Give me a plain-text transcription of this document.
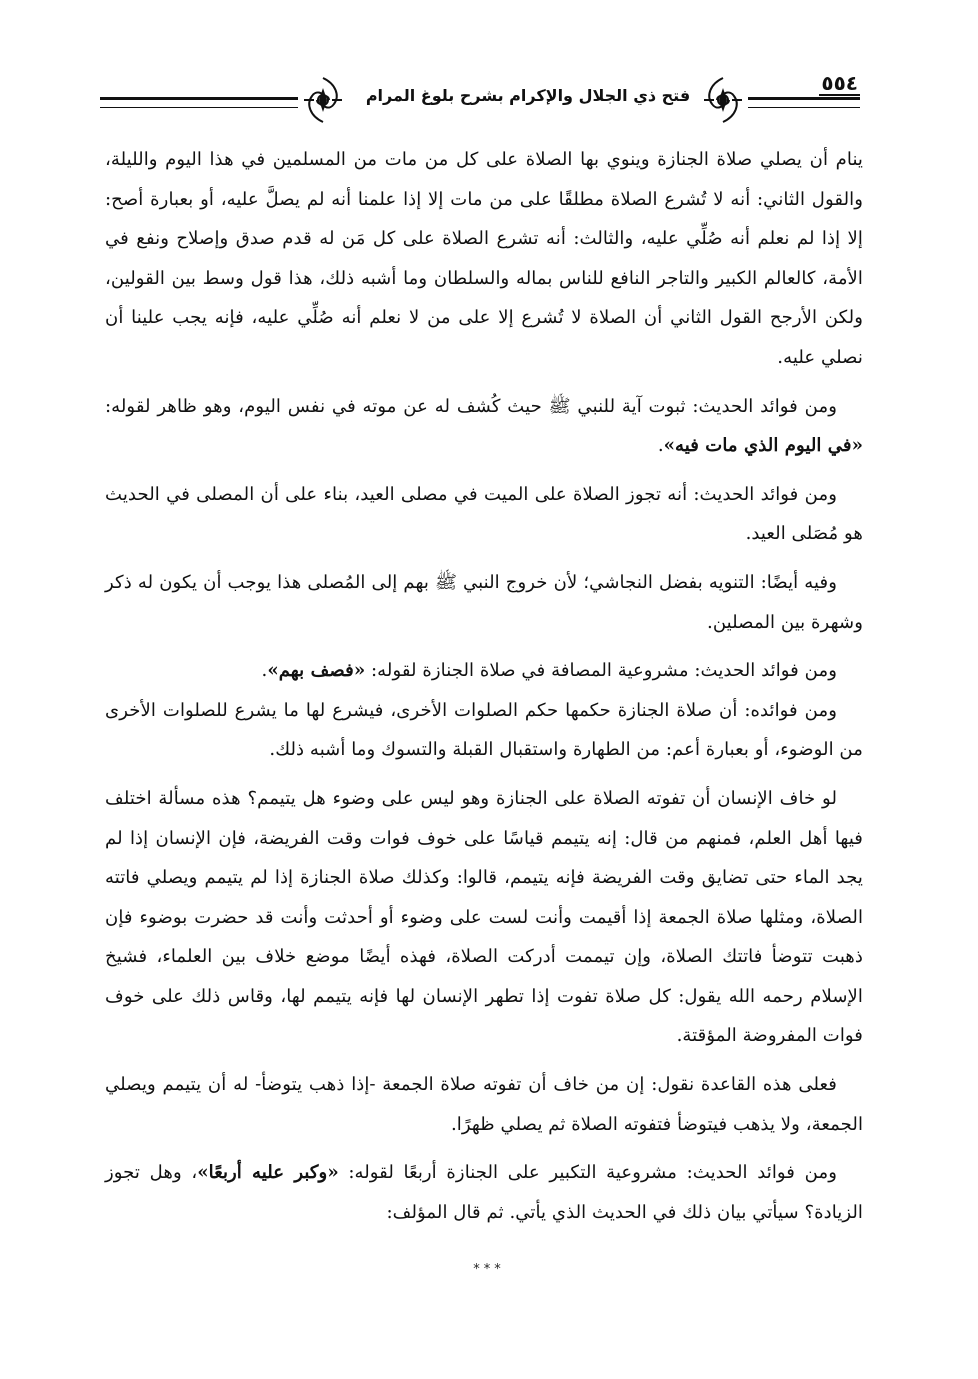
٥٥٤
فتح ذي الجلال والإكرام بشرح بلوغ المرام

ينام أن يصلي صلاة الجنازة وينوي بها الصلاة على كل من مات من المسلمين في هذا اليوم والليلة، والقول الثاني: أنه لا تُشرع الصلاة مطلقًا على من مات إلا إذا علمنا أنه لم يصلَّ عليه، أو بعبارة أصح: إلا إذا لم نعلم أنه صُلِّي عليه، والثالث: أنه تشرع الصلاة على كل مَن له قدم صدق وإصلاح ونفع في الأمة، كالعالم الكبير والتاجر النافع للناس بماله والسلطان وما أشبه ذلك، هذا قول وسط بين القولين، ولكن الأرجح القول الثاني أن الصلاة لا تُشرع إلا على من لا نعلم أنه صُلِّي عليه، فإنه يجب علينا أن نصلي عليه.

ومن فوائد الحديث: ثبوت آية للنبي ﷺ حيث كُشف له عن موته في نفس اليوم، وهو ظاهر لقوله: «في اليوم الذي مات فيه».

ومن فوائد الحديث: أنه تجوز الصلاة على الميت في مصلى العيد، بناء على أن المصلى في الحديث هو مُصَلى العيد.

وفيه أيضًا: التنويه بفضل النجاشي؛ لأن خروج النبي ﷺ بهم إلى المُصلى هذا يوجب أن يكون له ذكر وشهرة بين المصلين.

ومن فوائد الحديث: مشروعية المصافة في صلاة الجنازة لقوله: «فصف بهم».

ومن فوائده: أن صلاة الجنازة حكمها حكم الصلوات الأخرى، فيشرع لها ما يشرع للصلوات الأخرى من الوضوء، أو بعبارة أعم: من الطهارة واستقبال القبلة والتسوك وما أشبه ذلك.

لو خاف الإنسان أن تفوته الصلاة على الجنازة وهو ليس على وضوء هل يتيمم؟ هذه مسألة اختلف فيها أهل العلم، فمنهم من قال: إنه يتيمم قياسًا على خوف فوات وقت الفريضة، فإن الإنسان إذا لم يجد الماء حتى تضايق وقت الفريضة فإنه يتيمم، قالوا: وكذلك صلاة الجنازة إذا لم يتيمم ويصلي فاتته الصلاة، ومثلها صلاة الجمعة إذا أقيمت وأنت لست على وضوء أو أحدثت وأنت قد حضرت بوضوء فإن ذهبت تتوضأ فاتتك الصلاة، وإن تيممت أدركت الصلاة، فهذه أيضًا موضع خلاف بين العلماء، فشيخ الإسلام رحمه الله يقول: كل صلاة تفوت إذا تطهر الإنسان لها فإنه يتيمم لها، وقاس ذلك على خوف فوات المفروضة المؤقتة.

فعلى هذه القاعدة نقول: إن من خاف أن تفوته صلاة الجمعة -إذا ذهب يتوضأ- له أن يتيمم ويصلي الجمعة، ولا يذهب فيتوضأ فتفوته الصلاة ثم يصلي ظهرًا.

ومن فوائد الحديث: مشروعية التكبير على الجنازة أربعًا لقوله: «وكبر عليه أربعًا»، وهل تجوز الزيادة؟ سيأتي بيان ذلك في الحديث الذي يأتي. ثم قال المؤلف:

***
